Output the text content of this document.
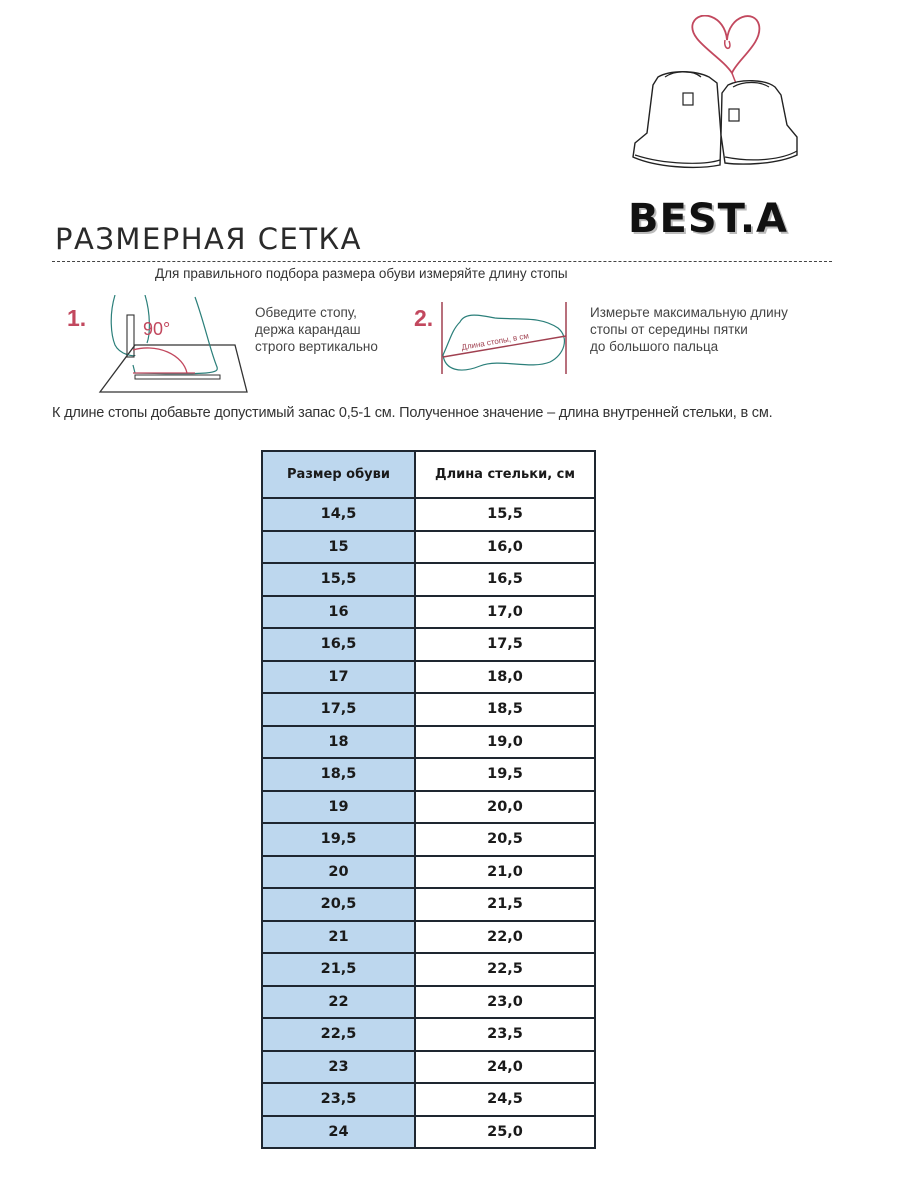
BEST.A
РАЗМЕРНАЯ СЕТКА
Для правильного подбора размера обуви измеряйте длину стопы
1.	90°
Обведите стопу,
держа карандаш
строго вертикально
2.
Длина стопы, в см
Измерьте максимальную длину
стопы от середины пятки
до большого пальца
К длине стопы добавьте допустимый запас 0,5-1 см. Полученное значение – длина внутренней стельки, в см.
Размер обуви	Длина стельки, см
14,5	15,5
15	16,0
15,5	16,5
16	17,0
16,5	17,5
17	18,0
17,5	18,5
18	19,0
18,5	19,5
19	20,0
19,5	20,5
20	21,0
20,5	21,5
21	22,0
21,5	22,5
22	23,0
22,5	23,5
23	24,0
23,5	24,5
24	25,0
